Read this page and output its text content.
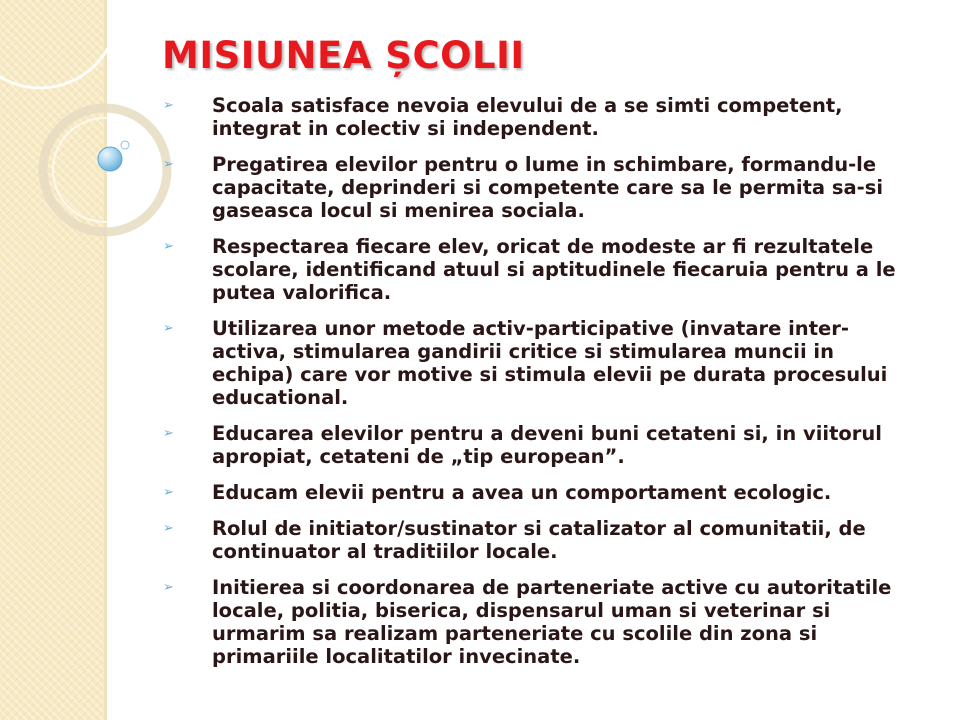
MISIUNEA ȘCOLII
➢	Scoala satisface nevoia elevului de a se simti competent,
integrat in colectiv si independent.
➢	Pregatirea elevilor pentru o lume in schimbare, formandu-le
capacitate, deprinderi si competente care sa le permita sa-si
gaseasca locul si menirea sociala.
➢	Respectarea fiecare elev, oricat de modeste ar fi rezultatele
scolare, identificand atuul si aptitudinele fiecaruia pentru a le
putea valorifica.
➢	Utilizarea unor metode activ-participative (invatare inter-
activa, stimularea gandirii critice si stimularea muncii in
echipa) care vor motive si stimula elevii pe durata procesului
educational.
➢	Educarea elevilor pentru a deveni buni cetateni si, in viitorul
apropiat, cetateni de „tip european”.
➢	Educam elevii pentru a avea un comportament ecologic.
➢	Rolul de initiator/sustinator si catalizator al comunitatii, de
continuator al traditiilor locale.
➢	Initierea si coordonarea de parteneriate active cu autoritatile
locale, politia, biserica, dispensarul uman si veterinar si
urmarim sa realizam parteneriate cu scolile din zona si
primariile localitatilor invecinate.
